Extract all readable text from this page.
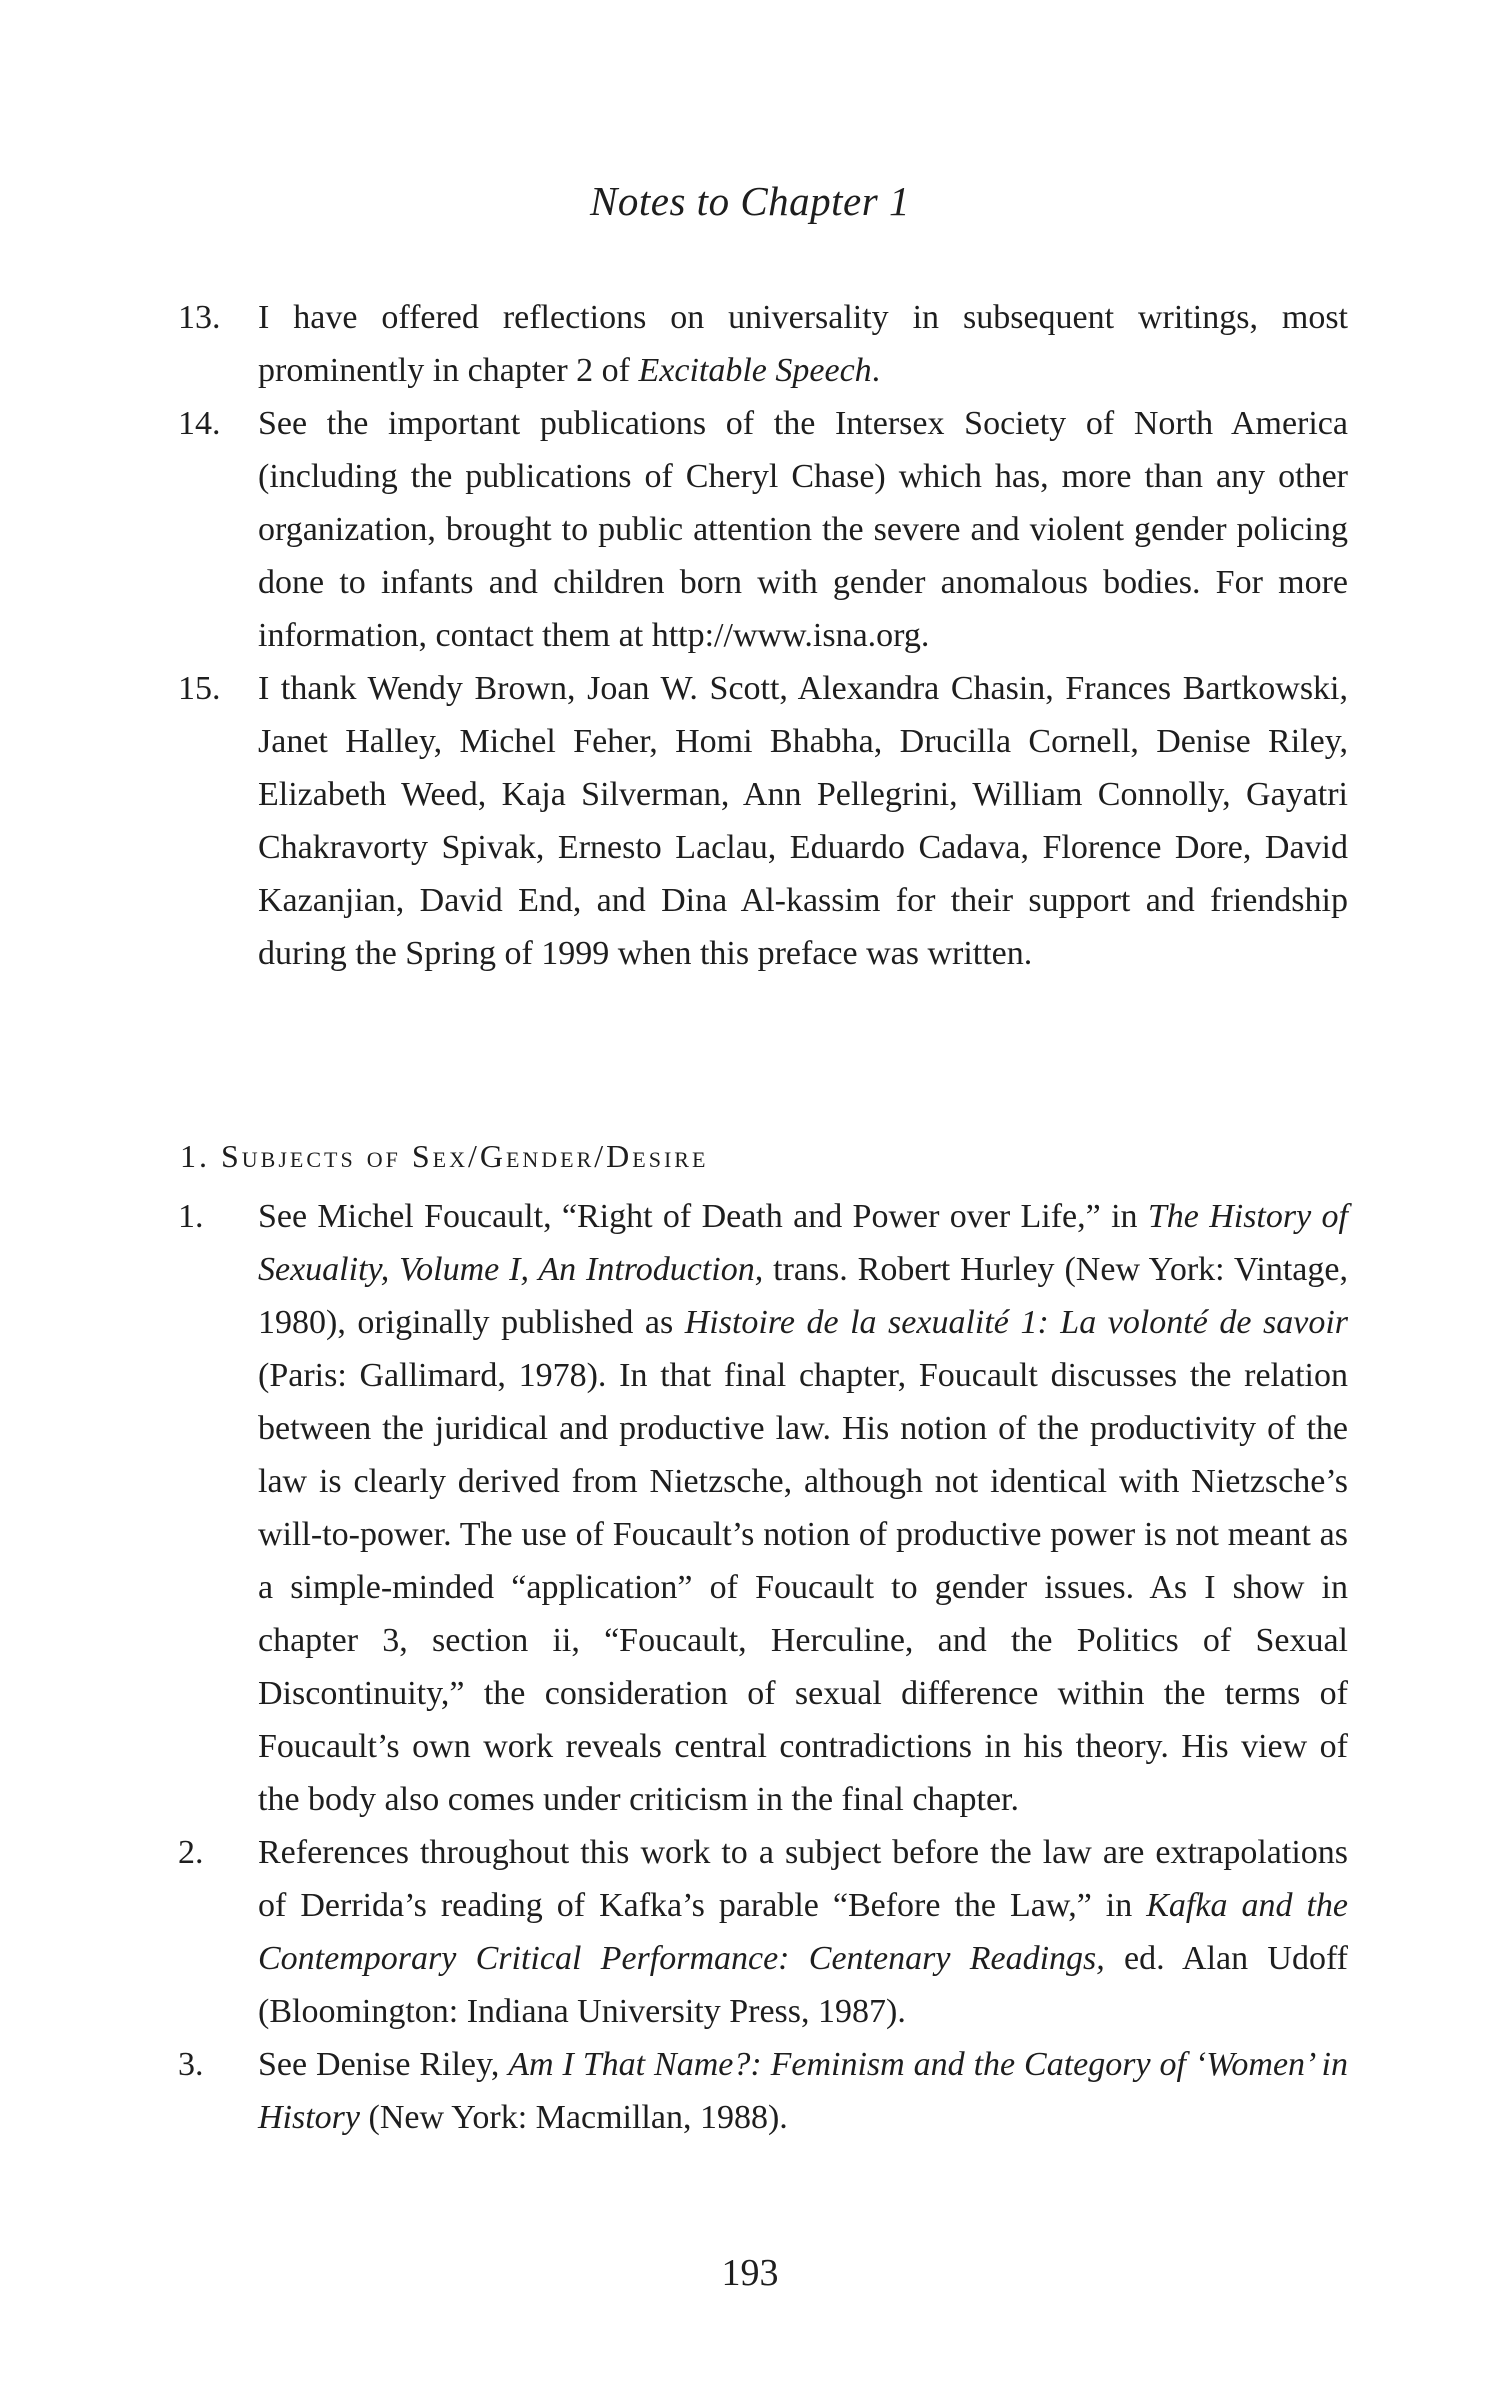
Notes to Chapter 1
13.	I have offered reflections on universality in subsequent writings, most prominently in chapter 2 of Excitable Speech.
14.	See the important publications of the Intersex Society of North America (including the publications of Cheryl Chase) which has, more than any other organization, brought to public attention the severe and violent gender policing done to infants and children born with gender anomalous bodies. For more information, contact them at http://www.isna.org.
15.	I thank Wendy Brown, Joan W. Scott, Alexandra Chasin, Frances Bartkowski, Janet Halley, Michel Feher, Homi Bhabha, Drucilla Cornell, Denise Riley, Elizabeth Weed, Kaja Silverman, Ann Pellegrini, William Connolly, Gayatri Chakravorty Spivak, Ernesto Laclau, Eduardo Cadava, Florence Dore, David Kazanjian, David End, and Dina Al-kassim for their support and friendship during the Spring of 1999 when this preface was written.
1. Subjects of Sex/Gender/Desire
1.	See Michel Foucault, “Right of Death and Power over Life,” in The History of Sexuality, Volume I, An Introduction, trans. Robert Hurley (New York: Vintage, 1980), originally published as Histoire de la sexualité 1: La volonté de savoir (Paris: Gallimard, 1978). In that final chapter, Foucault discusses the relation between the juridical and productive law. His notion of the productivity of the law is clearly derived from Nietzsche, although not identical with Nietzsche’s will-to-power. The use of Foucault’s notion of productive power is not meant as a simple-minded “application” of Foucault to gender issues. As I show in chapter 3, section ii, “Foucault, Herculine, and the Politics of Sexual Discontinuity,” the consideration of sexual difference within the terms of Foucault’s own work reveals central contradictions in his theory. His view of the body also comes under criticism in the final chapter.
2.	References throughout this work to a subject before the law are extrapolations of Derrida’s reading of Kafka’s parable “Before the Law,” in Kafka and the Contemporary Critical Performance: Centenary Readings, ed. Alan Udoff (Bloomington: Indiana University Press, 1987).
3.	See Denise Riley, Am I That Name?: Feminism and the Category of ‘Women’ in History (New York: Macmillan, 1988).
193
